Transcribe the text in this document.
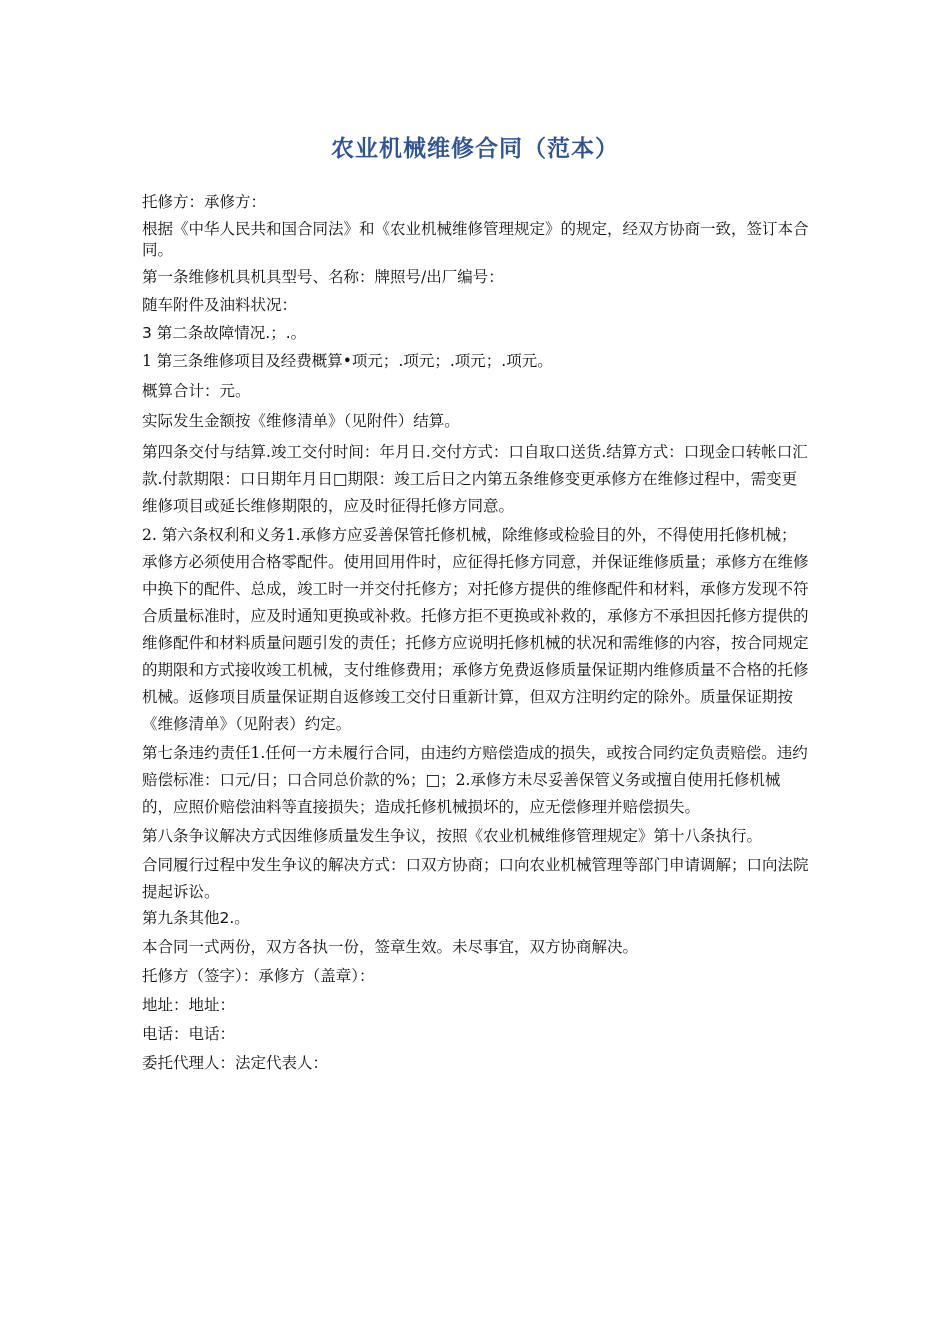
农业机械维修合同（范本）

托修方：承修方：

根据《中华人民共和国合同法》和《农业机械维修管理规定》的规定，经双方协商一致，签订本合同。

第一条维修机具机具型号、名称：牌照号/出厂编号：

随车附件及油料状况：

3 第二条故障情况.；.。

1 第三条维修项目及经费概算•项元；.项元；.项元；.项元。

概算合计：元。

实际发生金额按《维修清单》（见附件）结算。

第四条交付与结算.竣工交付时间：年月日.交付方式：口自取口送货.结算方式：口现金口转帐口汇款.付款期限：口日期年月日□期限：竣工后日之内第五条维修变更承修方在维修过程中，需变更维修项目或延长维修期限的，应及时征得托修方同意。

2. 第六条权利和义务1.承修方应妥善保管托修机械，除维修或检验目的外，不得使用托修机械；承修方必须使用合格零配件。使用回用件时，应征得托修方同意，并保证维修质量；承修方在维修中换下的配件、总成，竣工时一并交付托修方；对托修方提供的维修配件和材料，承修方发现不符合质量标准时，应及时通知更换或补救。托修方拒不更换或补救的，承修方不承担因托修方提供的维修配件和材料质量问题引发的责任；托修方应说明托修机械的状况和需维修的内容，按合同规定的期限和方式接收竣工机械，支付维修费用；承修方免费返修质量保证期内维修质量不合格的托修机械。返修项目质量保证期自返修竣工交付日重新计算，但双方注明约定的除外。质量保证期按《维修清单》（见附表）约定。

第七条违约责任1.任何一方未履行合同，由违约方赔偿造成的损失，或按合同约定负责赔偿。违约赔偿标准：口元/日；口合同总价款的%；□；2.承修方未尽妥善保管义务或擅自使用托修机械的，应照价赔偿油料等直接损失；造成托修机械损坏的，应无偿修理并赔偿损失。

第八条争议解决方式因维修质量发生争议，按照《农业机械维修管理规定》第十八条执行。

合同履行过程中发生争议的解决方式：口双方协商；口向农业机械管理等部门申请调解；口向法院提起诉讼。

第九条其他2.。

本合同一式两份，双方各执一份，签章生效。未尽事宜，双方协商解决。

托修方（签字）：承修方（盖章）：

地址：地址：

电话：电话：

委托代理人：法定代表人：
